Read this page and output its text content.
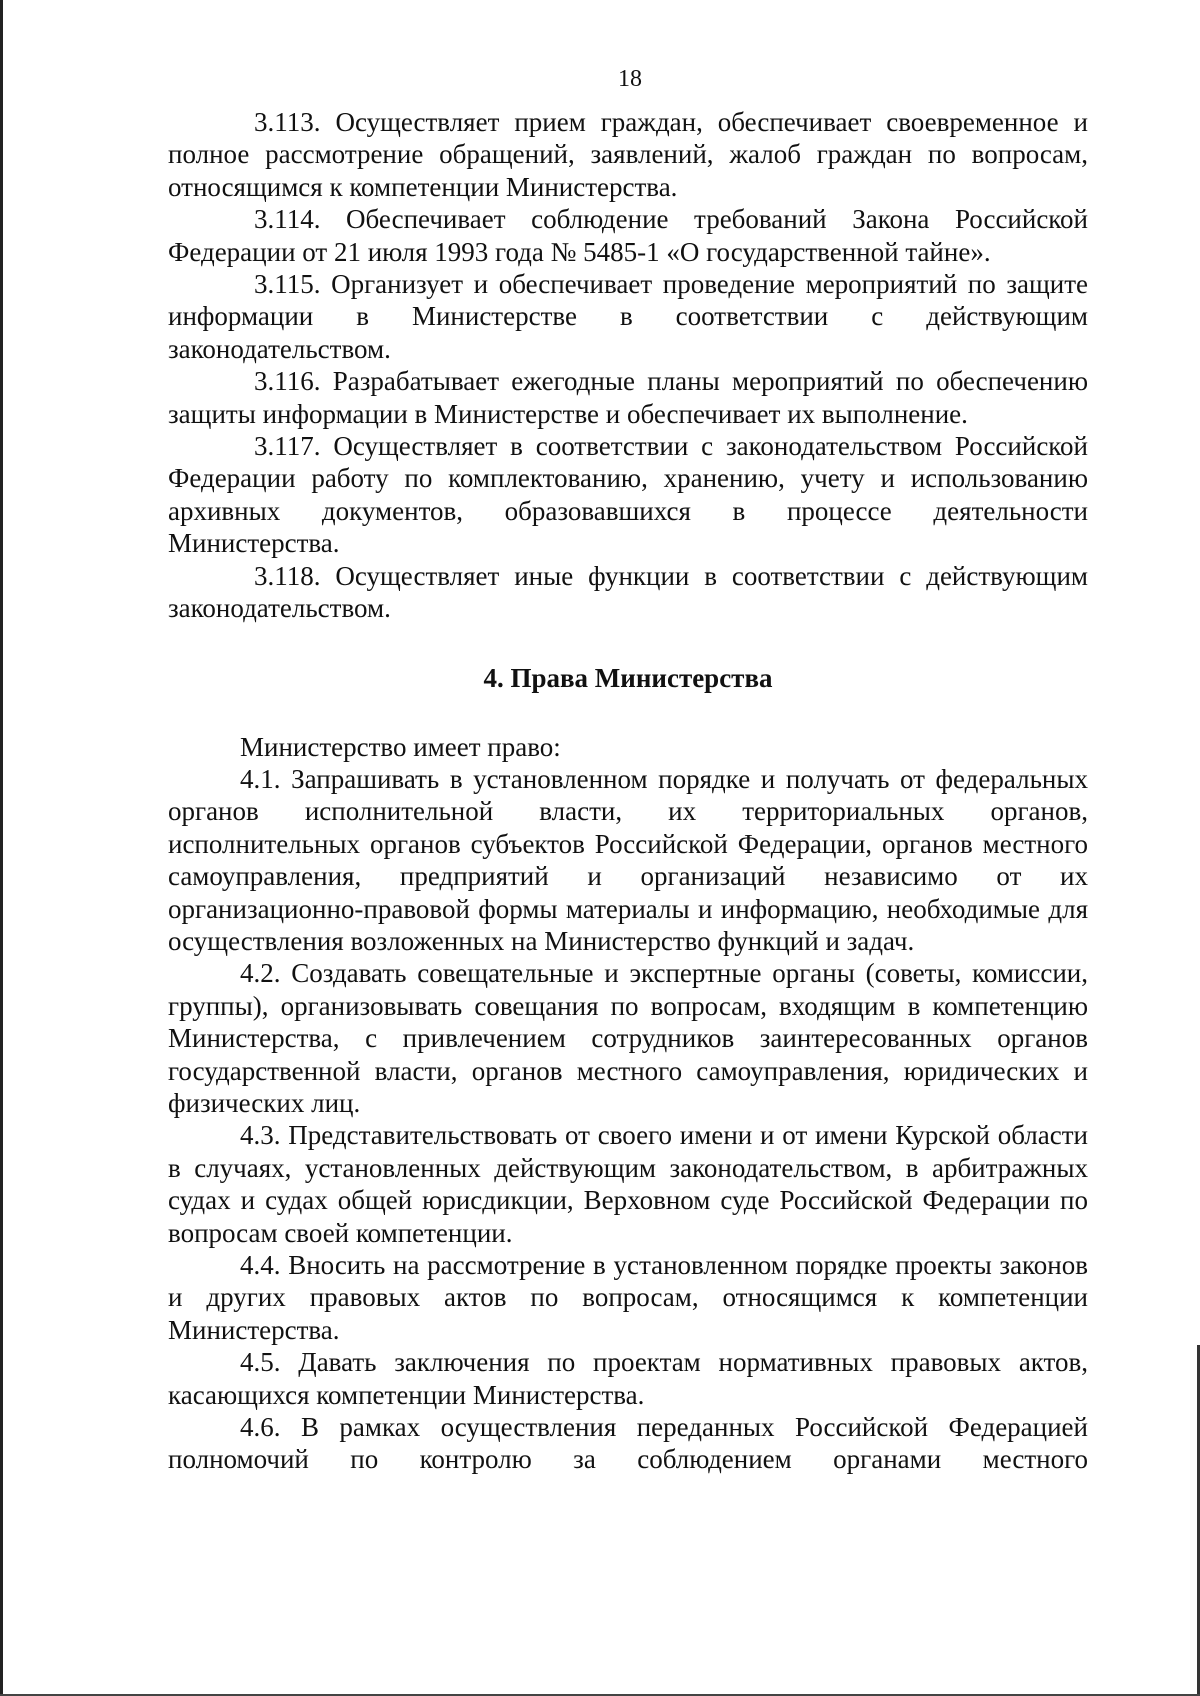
18

3.113. Осуществляет прием граждан, обеспечивает своевременное и полное рассмотрение обращений, заявлений, жалоб граждан по вопросам, относящимся к компетенции Министерства.

3.114. Обеспечивает соблюдение требований Закона Российской Федерации от 21 июля 1993 года № 5485-1 «О государственной тайне».

3.115. Организует и обеспечивает проведение мероприятий по защите информации в Министерстве в соответствии с действующим законодательством.

3.116. Разрабатывает ежегодные планы мероприятий по обеспечению защиты информации в Министерстве и обеспечивает их выполнение.

3.117. Осуществляет в соответствии с законодательством Российской Федерации работу по комплектованию, хранению, учету и использованию архивных документов, образовавшихся в процессе деятельности Министерства.

3.118. Осуществляет иные функции в соответствии с действующим законодательством.

4. Права Министерства

Министерство имеет право:

4.1. Запрашивать в установленном порядке и получать от федеральных органов исполнительной власти, их территориальных органов, исполнительных органов субъектов Российской Федерации, органов местного самоуправления, предприятий и организаций независимо от их организационно-правовой формы материалы и информацию, необходимые для осуществления возложенных на Министерство функций и задач.

4.2. Создавать совещательные и экспертные органы (советы, комиссии, группы), организовывать совещания по вопросам, входящим в компетенцию Министерства, с привлечением сотрудников заинтересованных органов государственной власти, органов местного самоуправления, юридических и физических лиц.

4.3. Представительствовать от своего имени и от имени Курской области в случаях, установленных действующим законодательством, в арбитражных судах и судах общей юрисдикции, Верховном суде Российской Федерации по вопросам своей компетенции.

4.4. Вносить на рассмотрение в установленном порядке проекты законов и других правовых актов по вопросам, относящимся к компетенции Министерства.

4.5. Давать заключения по проектам нормативных правовых актов, касающихся компетенции Министерства.

4.6. В рамках осуществления переданных Российской Федерацией полномочий по контролю за соблюдением органами местного
